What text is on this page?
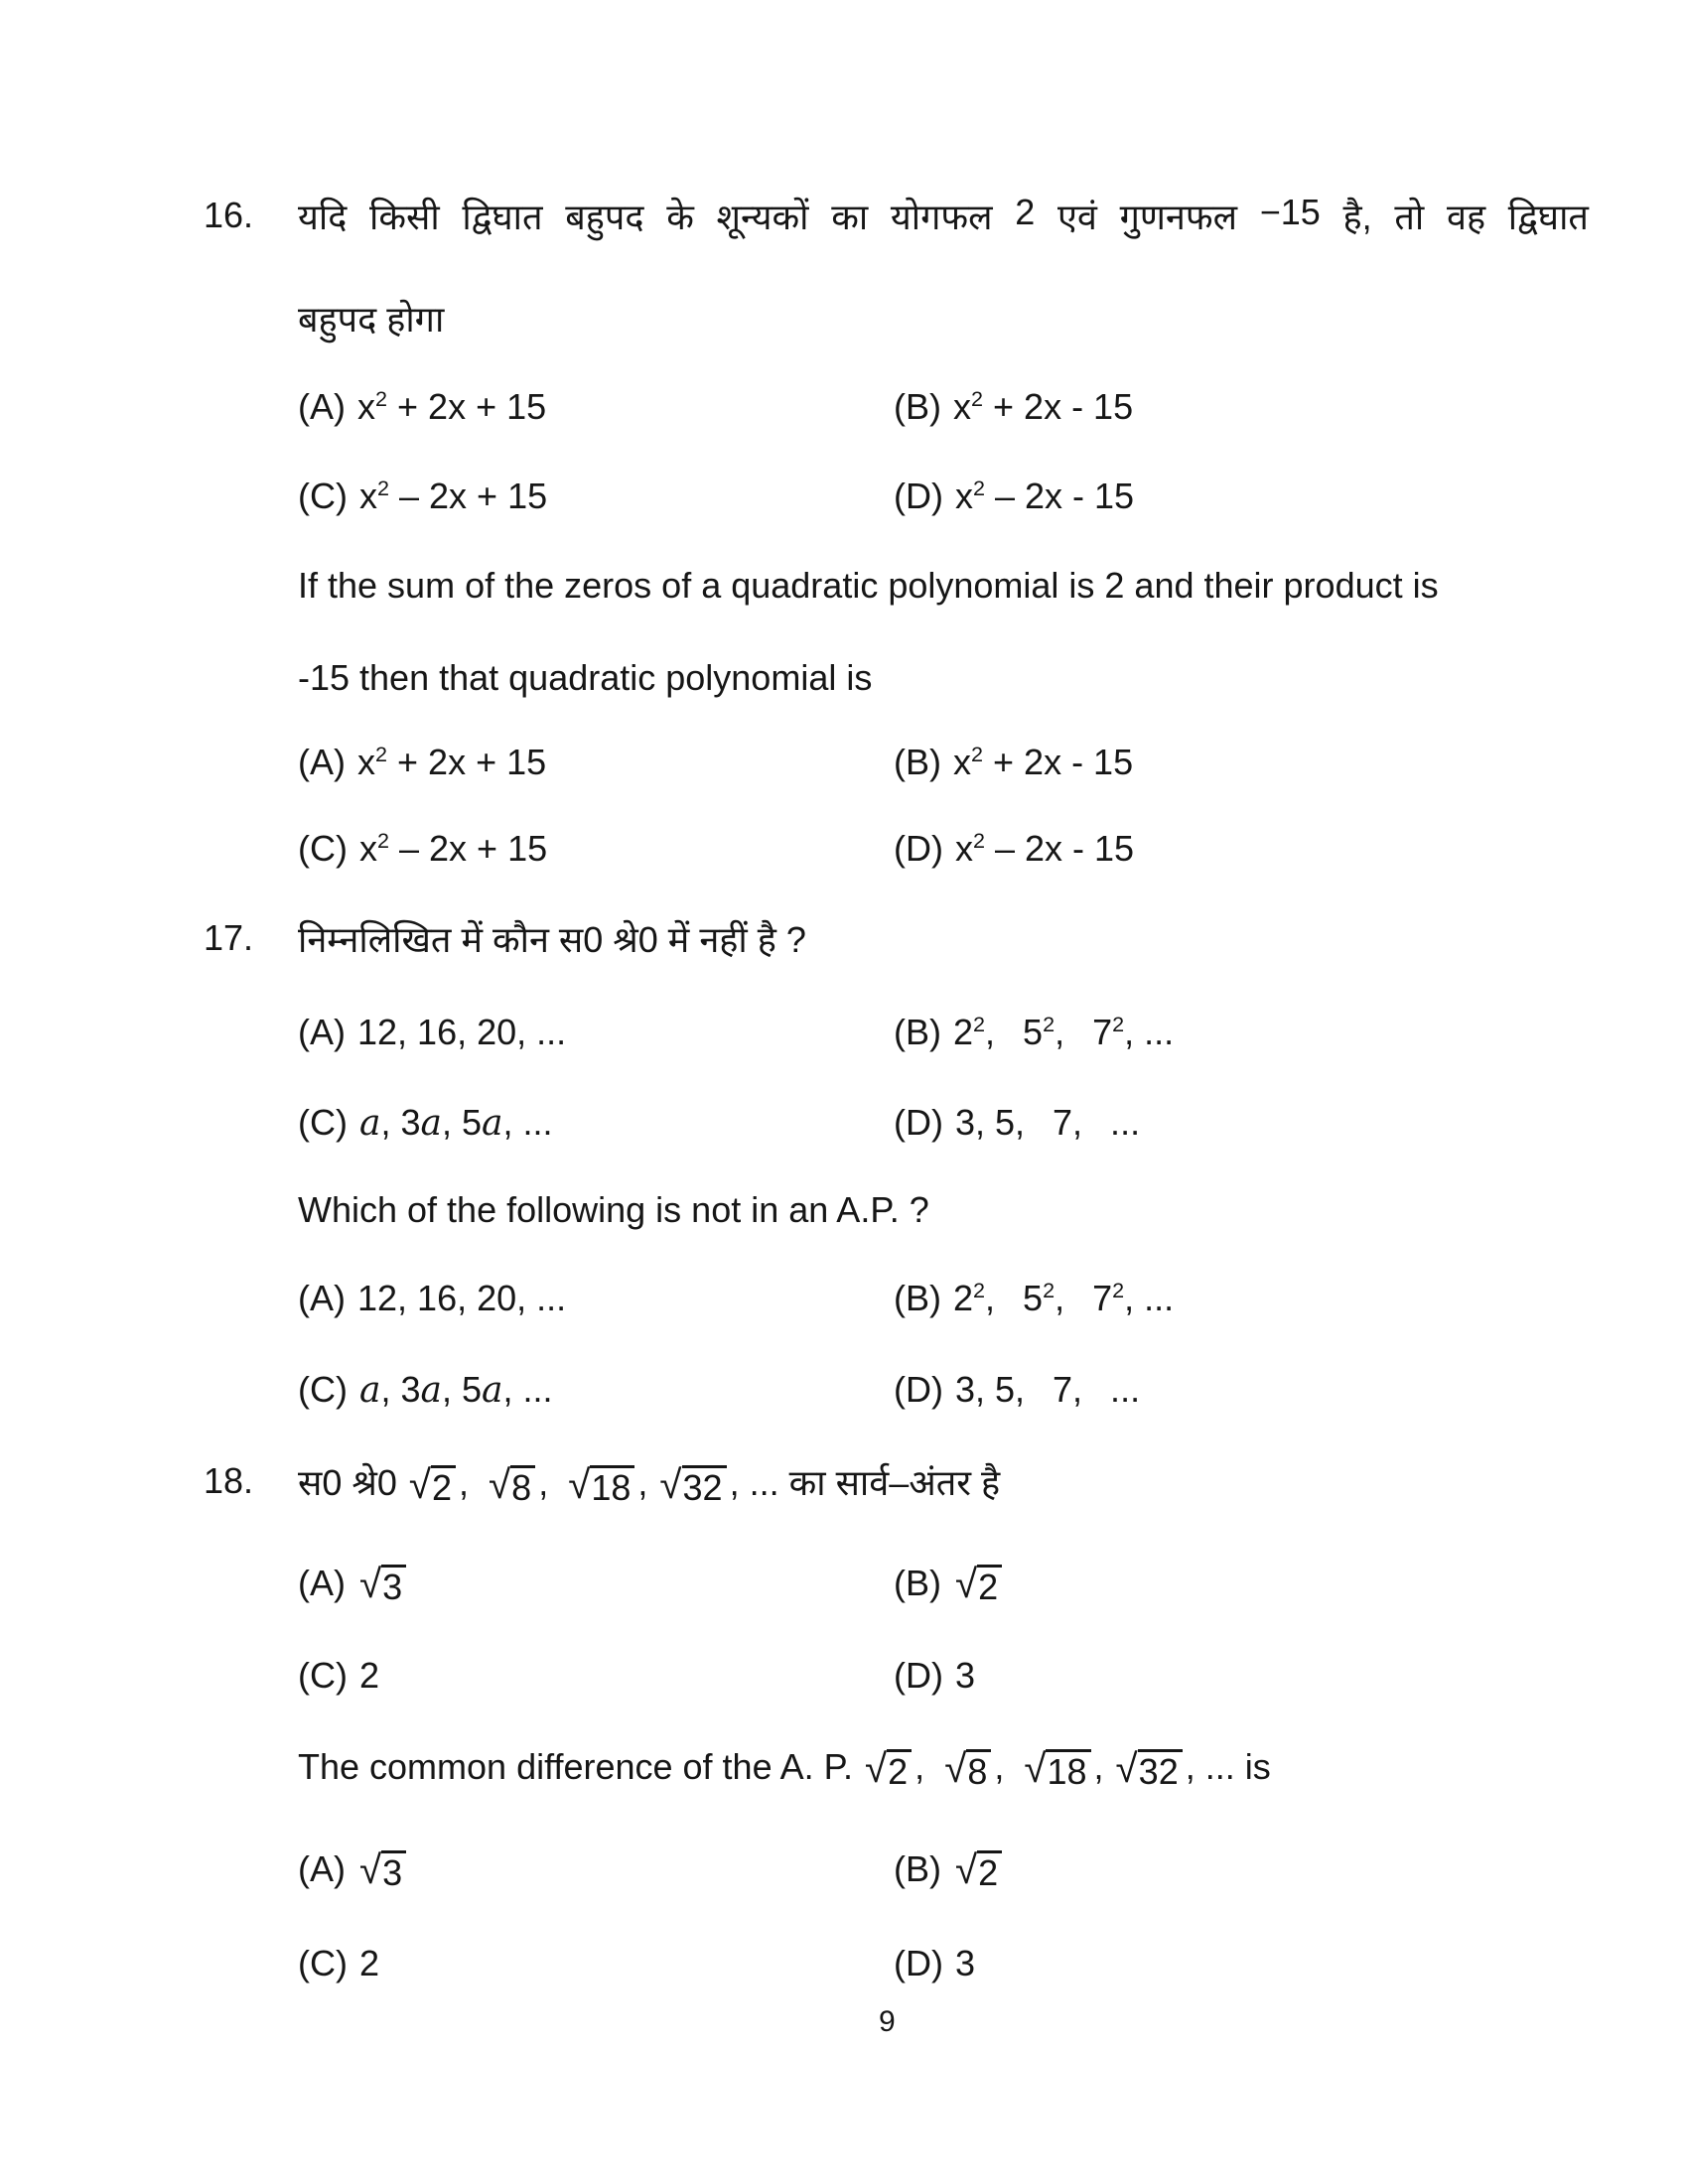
16.	यदि किसी द्विघात बहुपद के शून्यकों का योगफल 2 एवं गुणनफल −15 है, तो वह द्विघात
बहुपद होगा
(A) $x^2 + 2x + 15$	(B) $x^2 + 2x - 15$
(C) $x^2 - 2x + 15$	(D) $x^2 - 2x - 15$
If the sum of the zeros of a quadratic polynomial is 2 and their product is
-15 then that quadratic polynomial is
(A) $x^2 + 2x + 15$	(B) $x^2 + 2x - 15$
(C) $x^2 - 2x + 15$	(D) $x^2 - 2x - 15$
17.	निम्नलिखित में कौन स0 श्रे0 में नहीं है ?
(A) 12, 16, 20, ...	(B) $2^2$,  $5^2$,  $7^2$, ...
(C) a, 3a, 5a, ...	(D) 3, 5,  7,  ...
Which of the following is not in an A.P. ?
(A) 12, 16, 20, ...	(B) $2^2$,  $5^2$,  $7^2$, ...
(C) a, 3a, 5a, ...	(D) 3, 5,  7,  ...
18.	स0 श्रे0 √ 2 ,  √ 8 ,  √ 18 , √ 32 , ... का सार्व–अंतर है
(A) √ 3	(B) √ 2
(C) 2	(D) 3
The common difference of the A. P. √ 2 ,  √ 8 ,  √ 18 , √ 32 , ... is
(A) √ 3	(B) √ 2
(C) 2	(D) 3
9
